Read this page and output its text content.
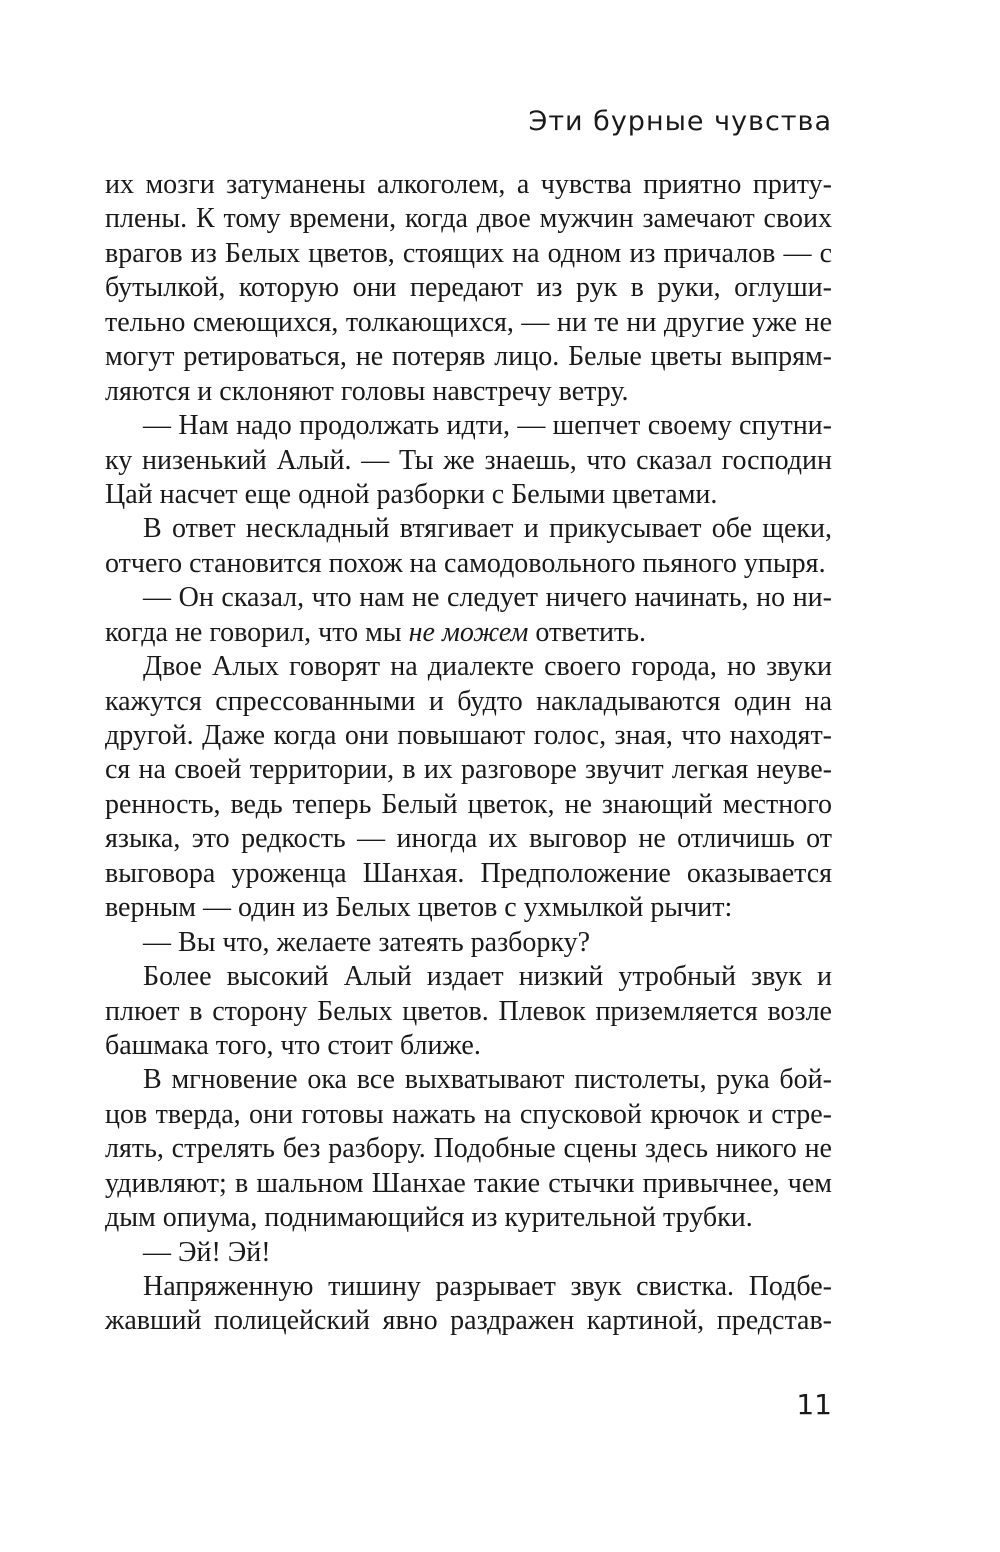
Эти бурные чувства
их мозги затуманены алкоголем, а чувства приятно приту-
плены. К тому времени, когда двое мужчин замечают своих
врагов из Белых цветов, стоящих на одном из причалов — с
бутылкой, которую они передают из рук в руки, оглуши-
тельно смеющихся, толкающихся, — ни те ни другие уже не
могут ретироваться, не потеряв лицо. Белые цветы выпрям-
ляются и склоняют головы навстречу ветру.
— Нам надо продолжать идти, — шепчет своему спутни-
ку низенький Алый. — Ты же знаешь, что сказал господин
Цай насчет еще одной разборки с Белыми цветами.
В ответ нескладный втягивает и прикусывает обе щеки,
отчего становится похож на самодовольного пьяного упыря.
— Он сказал, что нам не следует ничего начинать, но ни-
когда не говорил, что мы не можем ответить.
Двое Алых говорят на диалекте своего города, но звуки
кажутся спрессованными и будто накладываются один на
другой. Даже когда они повышают голос, зная, что находят-
ся на своей территории, в их разговоре звучит легкая неуве-
ренность, ведь теперь Белый цветок, не знающий местного
языка, это редкость — иногда их выговор не отличишь от
выговора уроженца Шанхая. Предположение оказывается
верным — один из Белых цветов с ухмылкой рычит:
— Вы что, желаете затеять разборку?
Более высокий Алый издает низкий утробный звук и
плюет в сторону Белых цветов. Плевок приземляется возле
башмака того, что стоит ближе.
В мгновение ока все выхватывают пистолеты, рука бой-
цов тверда, они готовы нажать на спусковой крючок и стре-
лять, стрелять без разбору. Подобные сцены здесь никого не
удивляют; в шальном Шанхае такие стычки привычнее, чем
дым опиума, поднимающийся из курительной трубки.
— Эй! Эй!
Напряженную тишину разрывает звук свистка. Подбе-
жавший полицейский явно раздражен картиной, представ-
11
